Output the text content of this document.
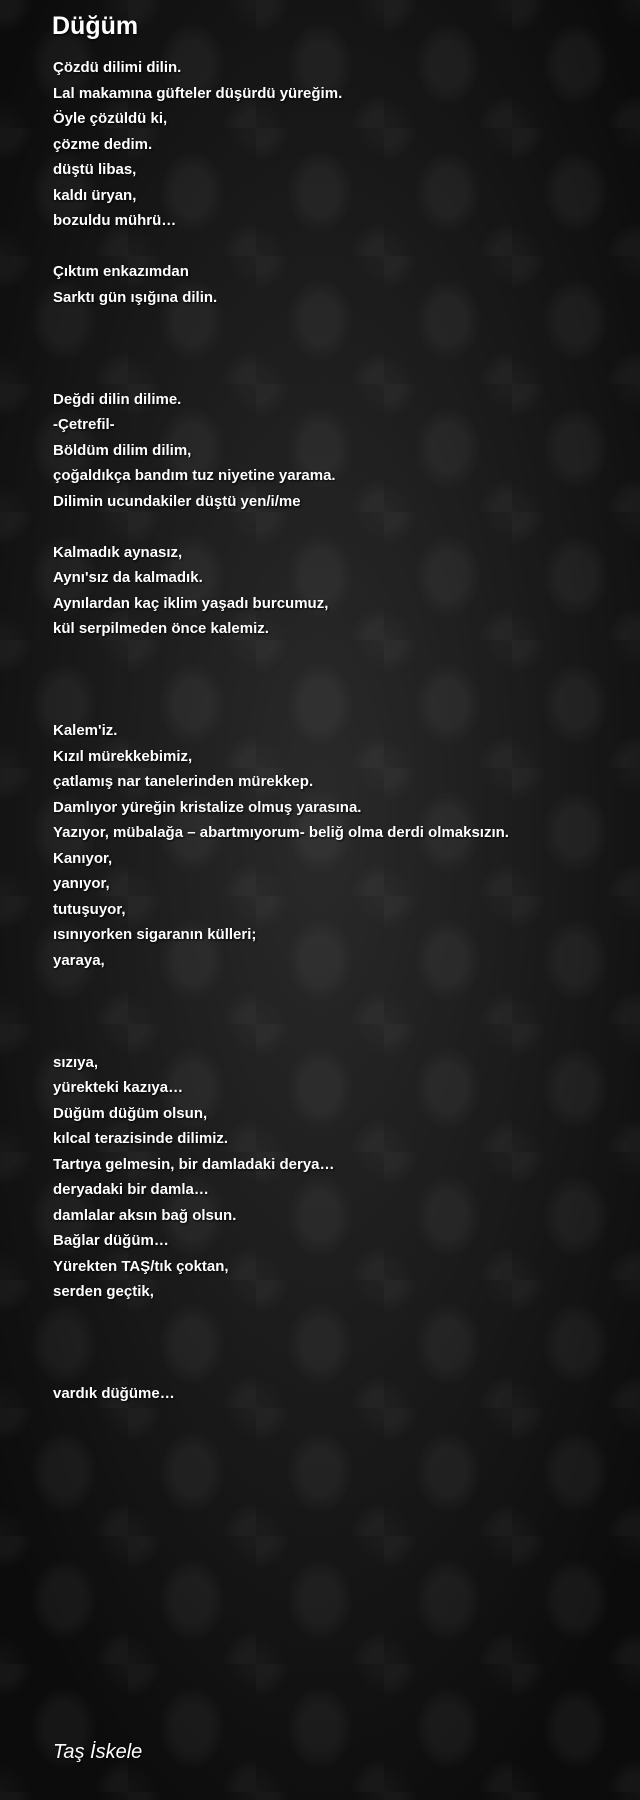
Düğüm
Çözdü dilimi dilin.
Lal makamına güfteler düşürdü yüreğim.
Öyle çözüldü ki,
çözme dedim.
düştü libas,
kaldı üryan,
bozuldu mührü…
Çıktım enkazımdan
Sarktı gün ışığına dilin.
Değdi dilin dilime.
-Çetrefil-
Böldüm dilim dilim,
çoğaldıkça bandım tuz niyetine yarama.
Dilimin ucundakiler düştü yen/i/me
Kalmadık aynasız,
Aynı'sız da kalmadık.
Aynılardan kaç iklim yaşadı burcumuz,
kül serpilmeden önce kalemiz.
Kalem'iz.
Kızıl mürekkebimiz,
çatlamış nar tanelerinden mürekkep.
Damlıyor yüreğin kristalize olmuş yarasına.
Yazıyor, mübalağa – abartmıyorum- beliğ olma derdi olmaksızın.
Kanıyor,
yanıyor,
tutuşuyor,
ısınıyorken sigaranın külleri;
yaraya,
sızıya,
yürekteki kazıya…
Düğüm düğüm olsun,
kılcal terazisinde dilimiz.
Tartıya gelmesin, bir damladaki derya…
deryadaki bir damla…
damlalar aksın bağ olsun.
Bağlar düğüm…
Yürekten TAŞ/tık çoktan,
serden geçtik,
vardık düğüme…

Taş İskele
